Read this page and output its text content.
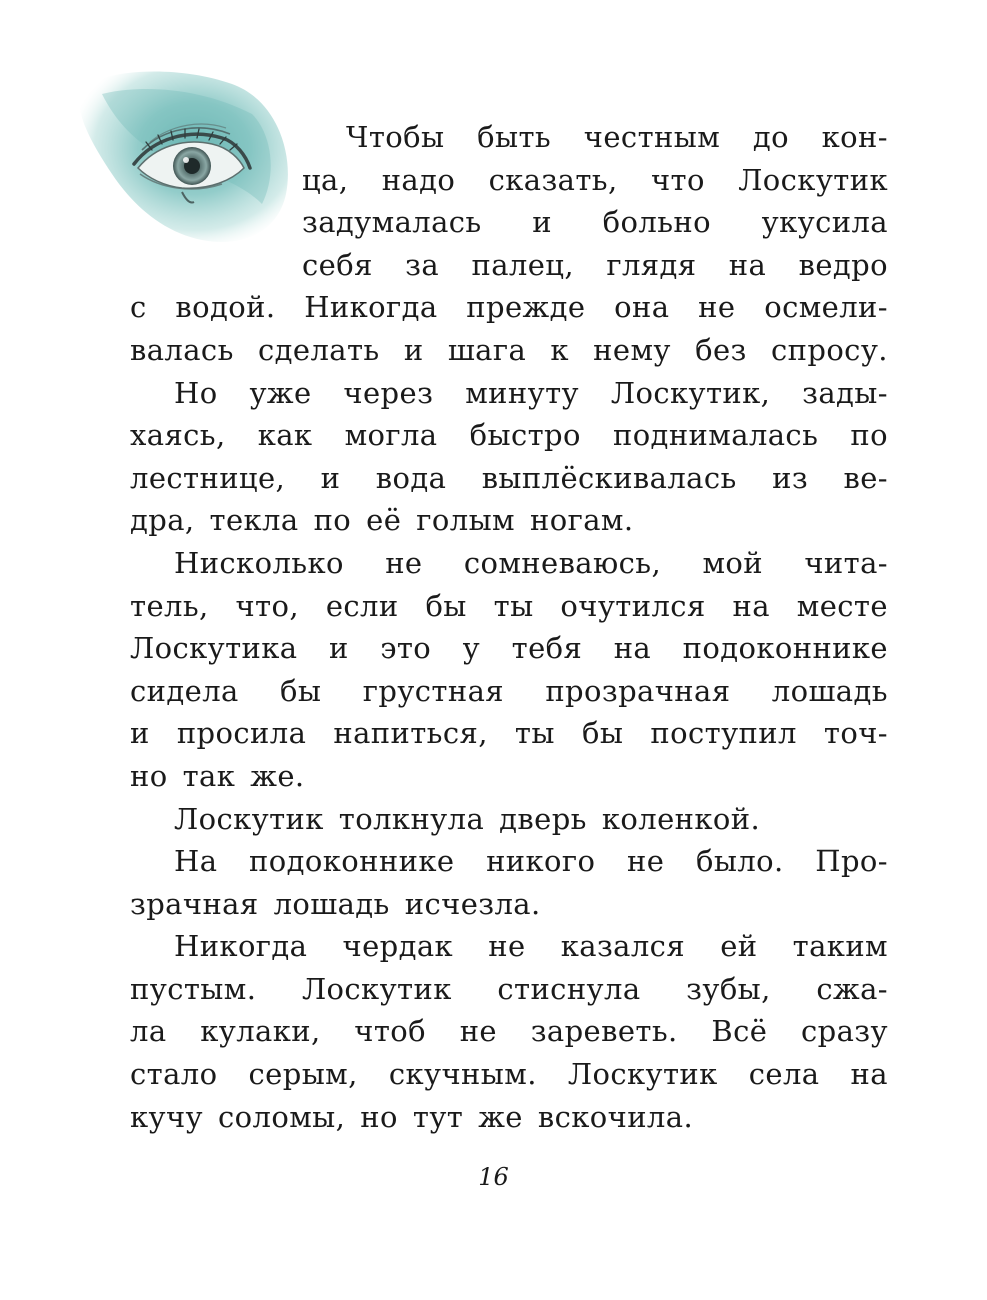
Чтобы быть честным до кон-
ца, надо сказать, что Лоскутик
задумалась и больно укусила
себя за палец, глядя на ведро
с водой. Никогда прежде она не осмели-
валась сделать и шага к нему без спросу.
Но уже через минуту Лоскутик, зады-
хаясь, как могла быстро поднималась по
лестнице, и вода выплёскивалась из ве-
дра, текла по её голым ногам.
Нисколько не сомневаюсь, мой чита-
тель, что, если бы ты очутился на месте
Лоскутика и это у тебя на подоконнике
сидела бы грустная прозрачная лошадь
и просила напиться, ты бы поступил точ-
но так же.
Лоскутик толкнула дверь коленкой.
На подоконнике никого не было. Про-
зрачная лошадь исчезла.
Никогда чердак не казался ей таким
пустым. Лоскутик стиснула зубы, сжа-
ла кулаки, чтоб не зареветь. Всё сразу
стало серым, скучным. Лоскутик села на
кучу соломы, но тут же вскочила.
16
